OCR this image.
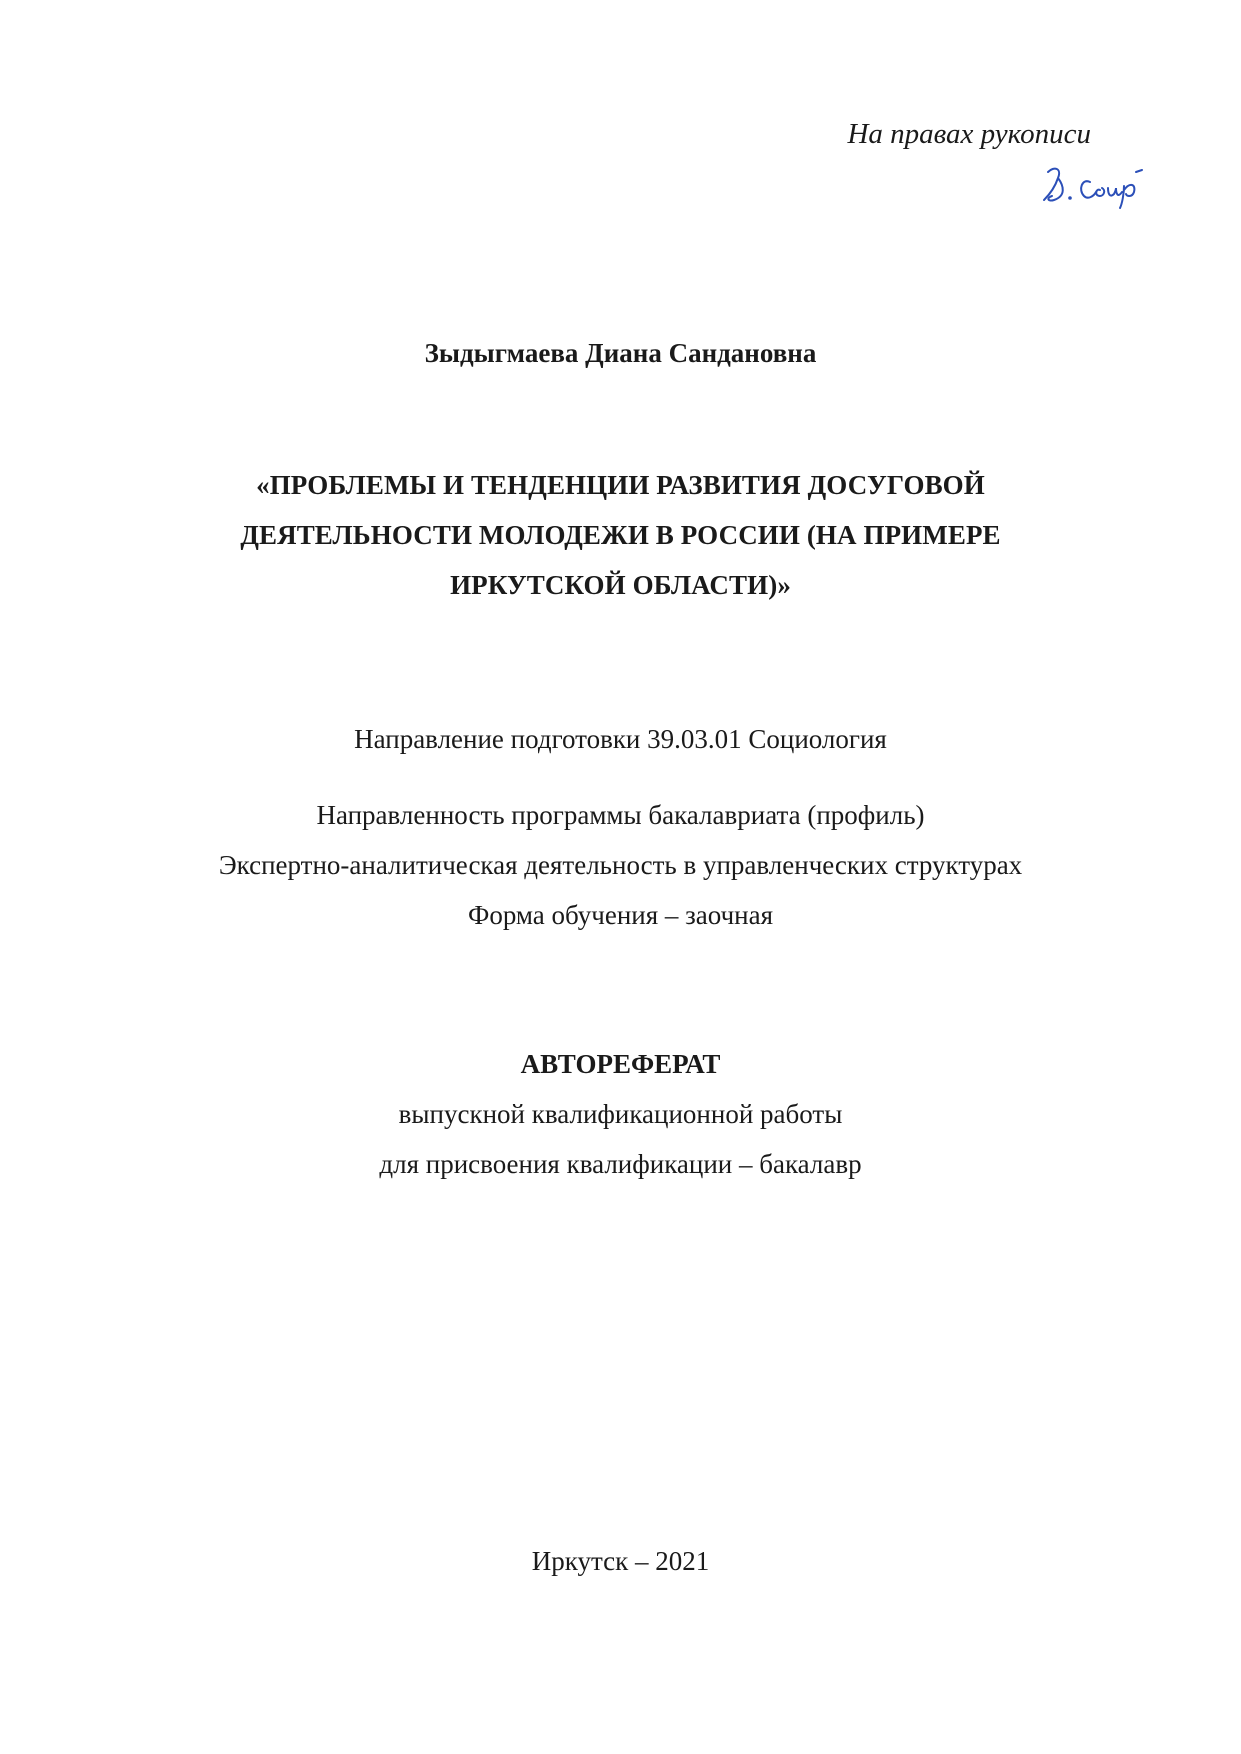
На правах рукописи
Зыдыгмаева Диана Сандановна
«ПРОБЛЕМЫ И ТЕНДЕНЦИИ РАЗВИТИЯ ДОСУГОВОЙ
ДЕЯТЕЛЬНОСТИ МОЛОДЕЖИ В РОССИИ (НА ПРИМЕРЕ
ИРКУТСКОЙ ОБЛАСТИ)»
Направление подготовки 39.03.01 Социология
Направленность программы бакалавриата (профиль)
Экспертно-аналитическая деятельность в управленческих структурах
Форма обучения – заочная
АВТОРЕФЕРАТ
выпускной квалификационной работы
для присвоения квалификации – бакалавр
Иркутск – 2021
